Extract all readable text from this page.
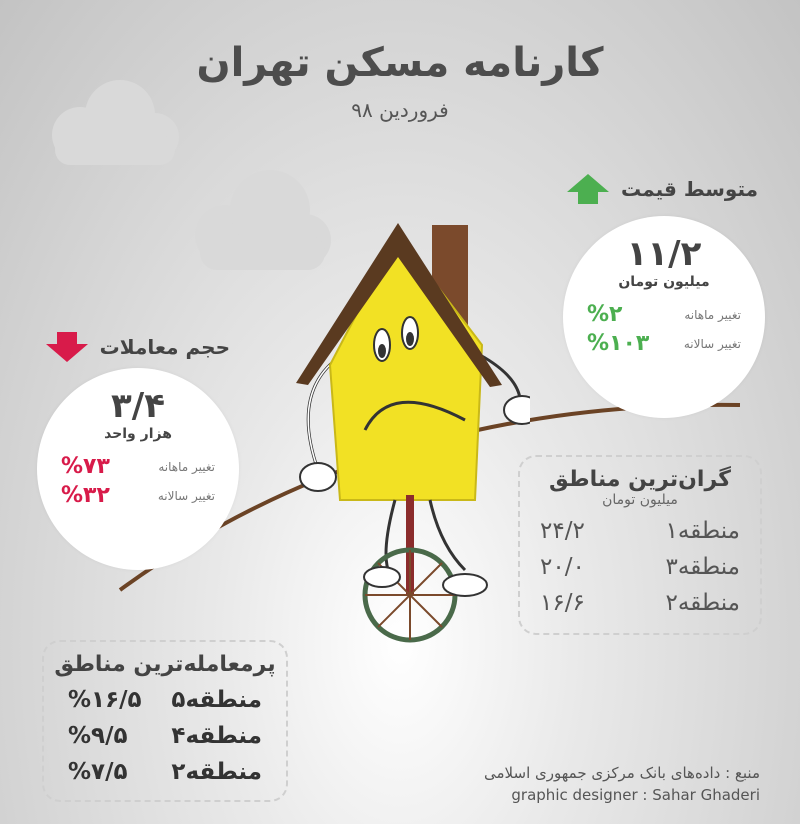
کارنامه مسکن تهران
فروردین ۹۸
متوسط قیمت
۱۱/۲
میلیون تومان
تغییر ماهانه
%۲
تغییر سالانه
%۱۰۳
حجم معاملات
۳/۴
هزار واحد
تغییر ماهانه
%۷۳
تغییر سالانه
%۳۲
گران‌ترین مناطق
میلیون تومان
منطقه۱
۲۴/۲
منطقه۳
۲۰/۰
منطقه۲
۱۶/۶
پرمعامله‌ترین مناطق
منطقه۵
%۱۶/۵
منطقه۴
%۹/۵
منطقه۲
%۷/۵	منبع : داده‌های بانک مرکزی جمهوری اسلامی
graphic designer : Sahar Ghaderi
